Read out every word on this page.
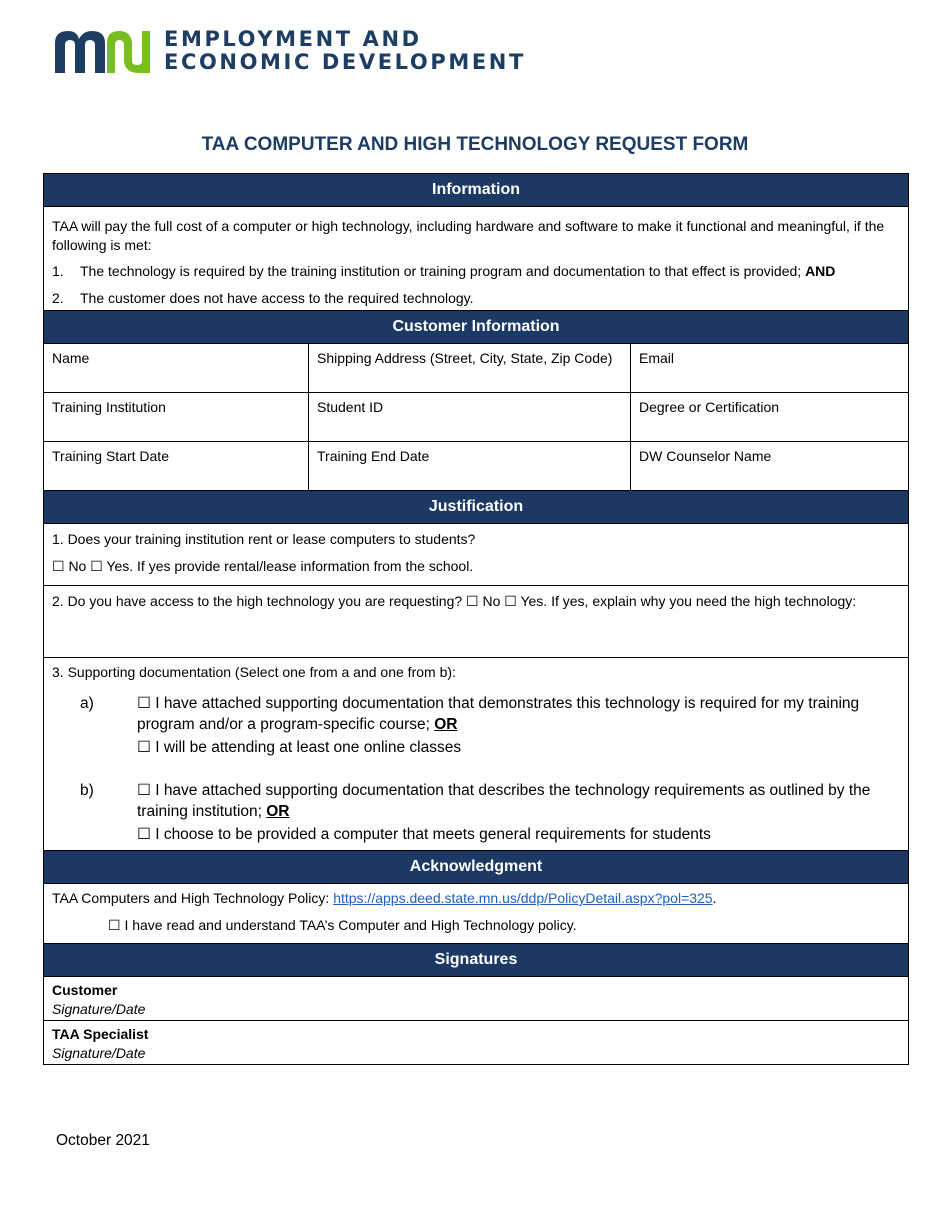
EMPLOYMENT AND
ECONOMIC DEVELOPMENT
TAA COMPUTER AND HIGH TECHNOLOGY REQUEST FORM
Information

TAA will pay the full cost of a computer or high technology, including hardware and software to make it functional and meaningful, if the following is met:

1.	The technology is required by the training institution or training program and documentation to that effect is provided; AND
2.	The customer does not have access to the required technology.
Customer Information
Name	Shipping Address (Street, City, State, Zip Code)	Email
Training Institution	Student ID	Degree or Certification
Training Start Date	Training End Date	DW Counselor Name
Justification

1. Does your training institution rent or lease computers to students?

☐ No ☐ Yes. If yes provide rental/lease information from the school.

2. Do you have access to the high technology you are requesting? ☐ No ☐ Yes. If yes, explain why you need the high technology:

3. Supporting documentation (Select one from a and one from b):

a)	☐ I have attached supporting documentation that demonstrates this technology is required for my training program and/or a program-specific course; OR
☐ I will be attending at least one online classes
b)	☐ I have attached supporting documentation that describes the technology requirements as outlined by the training institution; OR
☐ I choose to be provided a computer that meets general requirements for students
Acknowledgment

TAA Computers and High Technology Policy: https://apps.deed.state.mn.us/ddp/PolicyDetail.aspx?pol=325.

☐ I have read and understand TAA’s Computer and High Technology policy.

Signatures

Customer

Signature/Date

TAA Specialist

Signature/Date

October 2021
